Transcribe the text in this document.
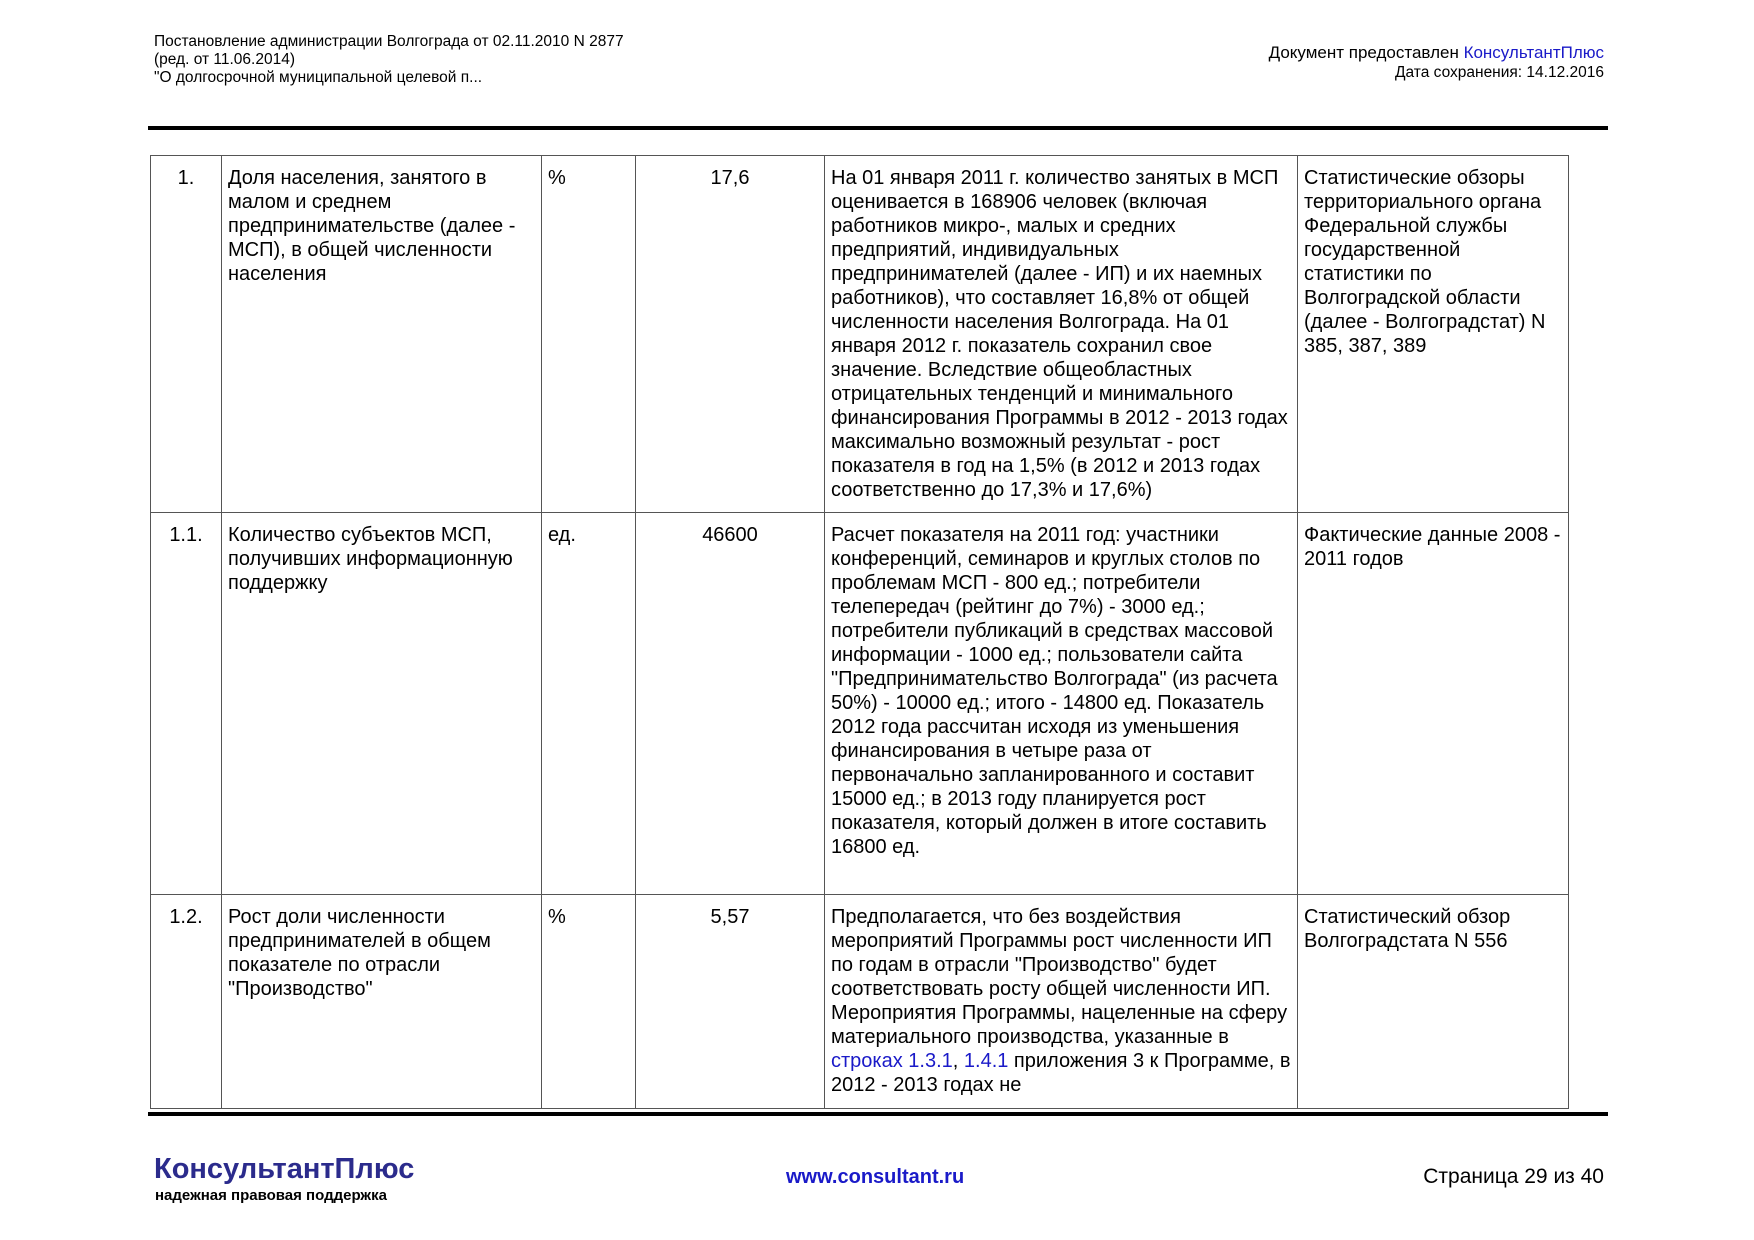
Постановление администрации Волгограда от 02.11.2010 N 2877
(ред. от 11.06.2014)
"О долгосрочной муниципальной целевой п...
Документ предоставлен КонсультантПлюс
Дата сохранения: 14.12.2016
1.	Доля населения, занятого в малом и среднем предпринимательстве (далее - МСП), в общей численности населения	%	17,6	На 01 января 2011 г. количество занятых в МСП оценивается в 168906 человек (включая работников микро-, малых и средних предприятий, индивидуальных предпринимателей (далее - ИП) и их наемных работников), что составляет 16,8% от общей численности населения Волгограда. На 01 января 2012 г. показатель сохранил свое значение. Вследствие общеобластных отрицательных тенденций и минимального финансирования Программы в 2012 - 2013 годах максимально возможный результат - рост показателя в год на 1,5% (в 2012 и 2013 годах соответственно до 17,3% и 17,6%)	Статистические обзоры территориального органа Федеральной службы государственной статистики по Волгоградской области (далее - Волгоградстат) N 385, 387, 389
1.1.	Количество субъектов МСП, получивших информационную поддержку	ед.	46600	Расчет показателя на 2011 год: участники конференций, семинаров и круглых столов по проблемам МСП - 800 ед.; потребители телепередач (рейтинг до 7%) - 3000 ед.; потребители публикаций в средствах массовой информации - 1000 ед.; пользователи сайта "Предпринимательство Волгограда" (из расчета 50%) - 10000 ед.; итого - 14800 ед. Показатель 2012 года рассчитан исходя из уменьшения финансирования в четыре раза от первоначально запланированного и составит 15000 ед.; в 2013 году планируется рост показателя, который должен в итоге составить 16800 ед.	Фактические данные 2008 - 2011 годов
1.2.	Рост доли численности предпринимателей в общем показателе по отрасли "Производство"	%	5,57	Предполагается, что без воздействия мероприятий Программы рост численности ИП по годам в отрасли "Производство" будет соответствовать росту общей численности ИП. Мероприятия Программы, нацеленные на сферу материального производства, указанные в строках 1.3.1, 1.4.1 приложения 3 к Программе, в 2012 - 2013 годах не	Статистический обзор Волгоградстата N 556
КонсультантПлюс
надежная правовая поддержка
www.consultant.ru	Страница 29 из 40
